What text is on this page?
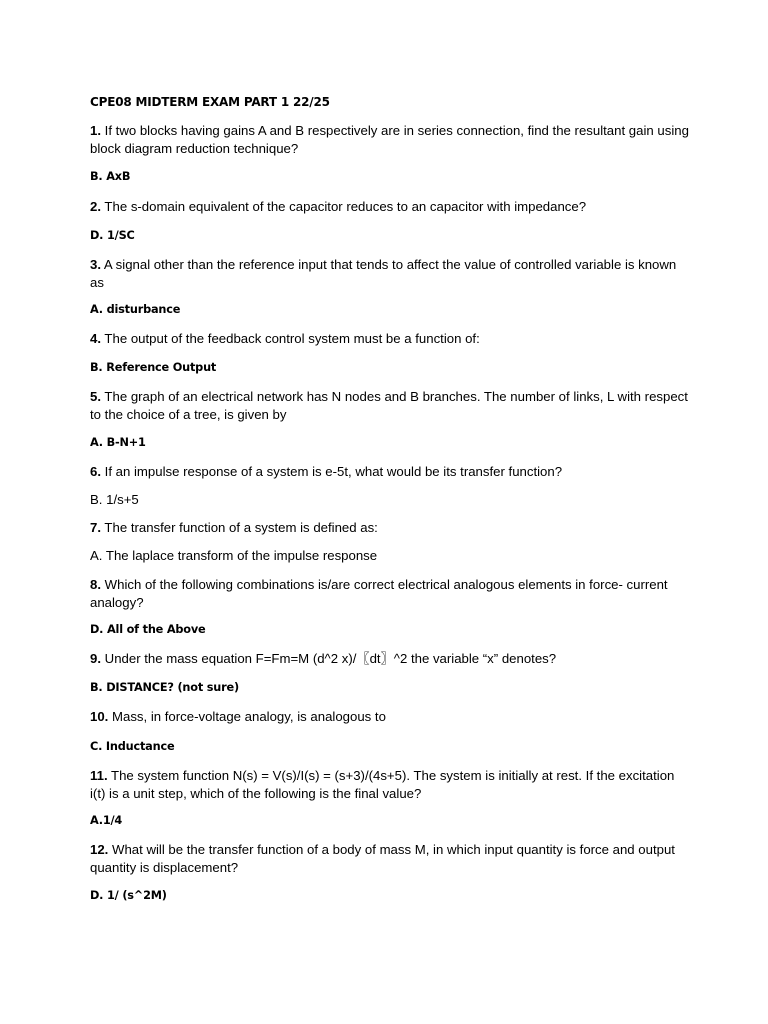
CPE08 MIDTERM EXAM PART 1 22/25
1. If two blocks having gains A and B respectively are in series connection, find the resultant gain using block diagram reduction technique?
B. AxB
2. The s-domain equivalent of the capacitor reduces to an capacitor with impedance?
D. 1/SC
3. A signal other than the reference input that tends to affect the value of controlled variable is known as
A. disturbance
4. The output of the feedback control system must be a function of:
B. Reference Output
5. The graph of an electrical network has N nodes and B branches. The number of links, L with respect to the choice of a tree, is given by
A. B-N+1
6. If an impulse response of a system is e-5t, what would be its transfer function?
B. 1/s+5
7. The transfer function of a system is defined as:
A. The laplace transform of the impulse response
8. Which of the following combinations is/are correct electrical analogous elements in force- current analogy?
D. All of the Above
9. Under the mass equation F=Fm=M (d^2 x)/〖dt〗^2 the variable “x” denotes?
B. DISTANCE? (not sure)
10. Mass, in force-voltage analogy, is analogous to
C. Inductance
11. The system function N(s) = V(s)/I(s) = (s+3)/(4s+5). The system is initially at rest. If the excitation i(t) is a unit step, which of the following is the final value?
A.1/4
12. What will be the transfer function of a body of mass M, in which input quantity is force and output quantity is displacement?
D. 1/ (s^2M)
